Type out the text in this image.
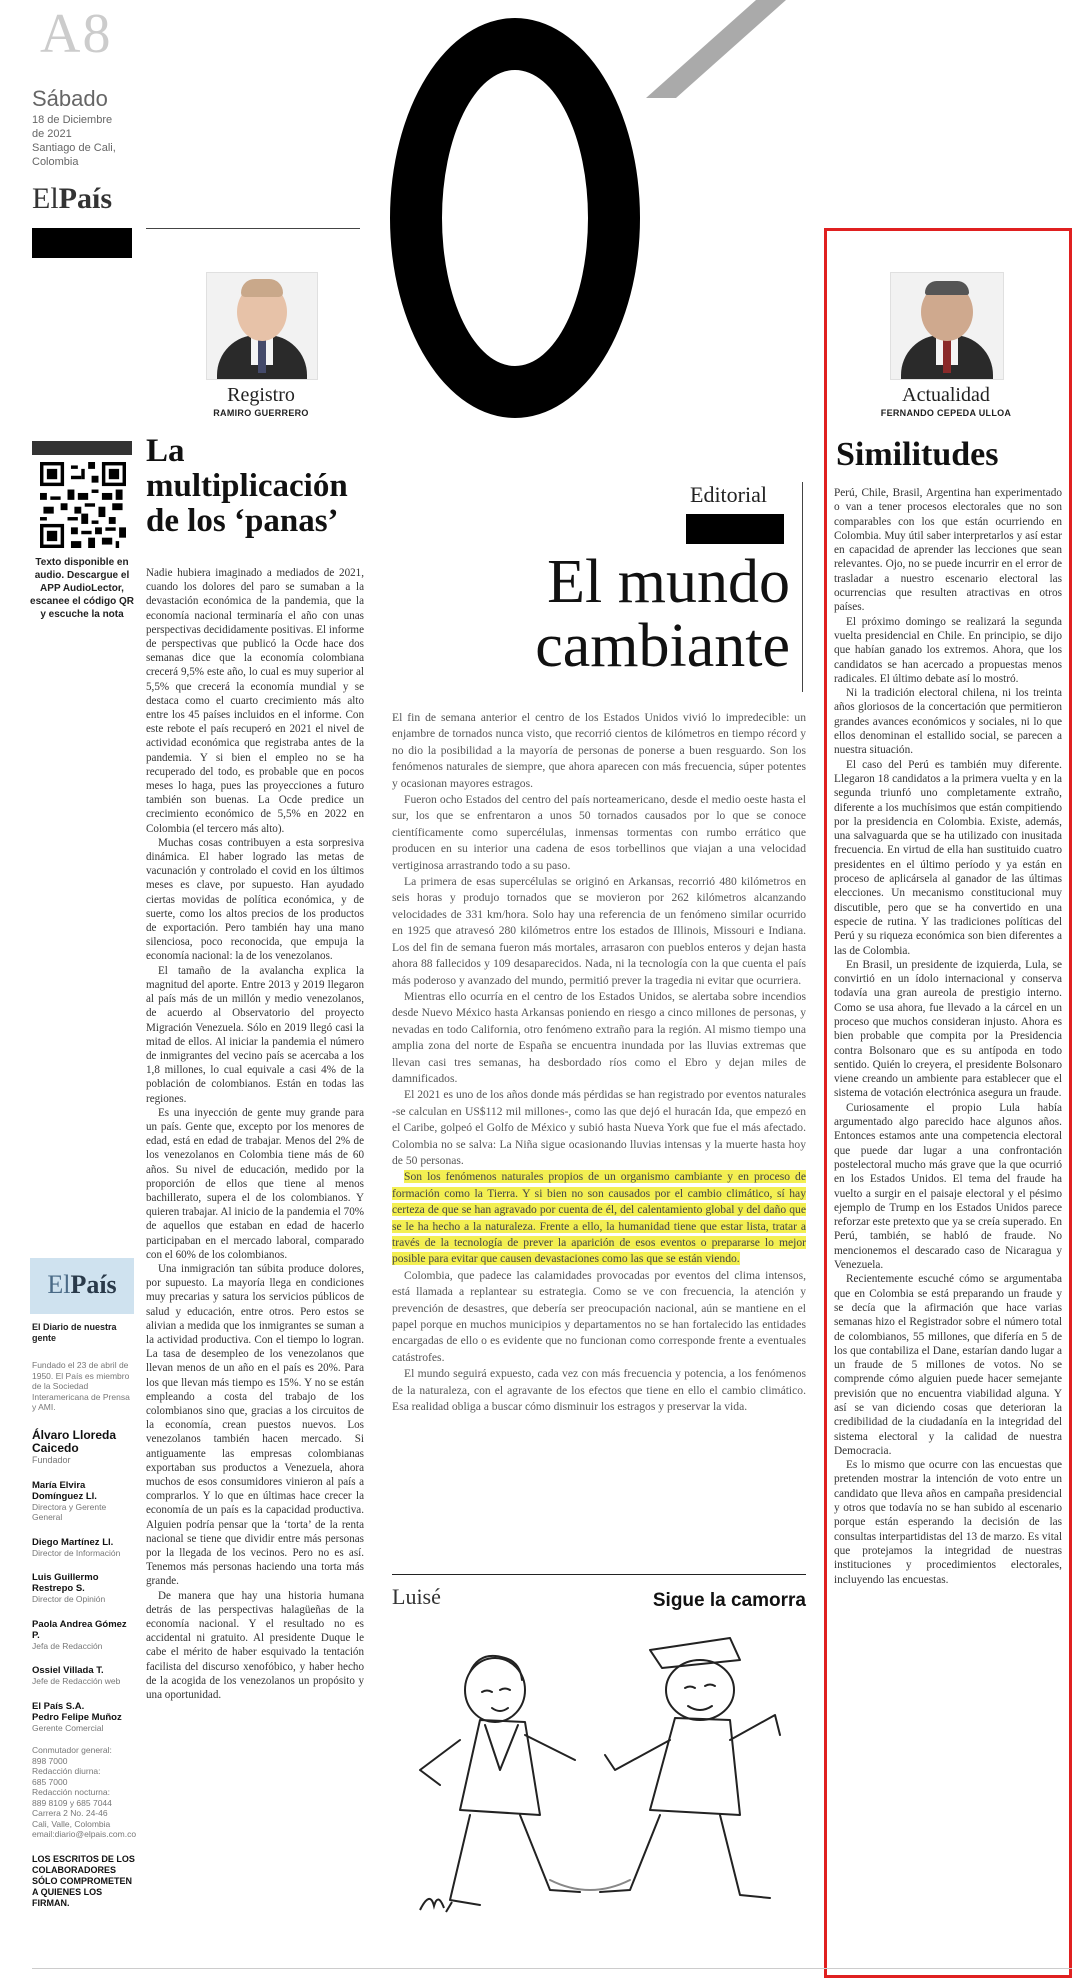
A8
Sábado
18 de Diciembre
de 2021
Santiago de Cali,
Colombia
ElPaís
Registro
RAMIRO GUERRERO
Actualidad
FERNANDO CEPEDA ULLOA
Texto disponible en audio. Descargue el APP AudioLector, escanee el código QR y escuche la nota
La multiplicación de los ‘panas’

Nadie hubiera imaginado a mediados de 2021, cuando los dolores del paro se sumaban a la devastación económica de la pandemia, que la economía nacional terminaría el año con unas perspectivas decididamente positivas. El informe de perspectivas que publicó la Ocde hace dos semanas dice que la economía colombiana crecerá 9,5% este año, lo cual es muy superior al 5,5% que crecerá la economía mundial y se destaca como el cuarto crecimiento más alto entre los 45 países incluidos en el informe. Con este rebote el país recuperó en 2021 el nivel de actividad económica que registraba antes de la pandemia. Y si bien el empleo no se ha recuperado del todo, es probable que en pocos meses lo haga, pues las proyecciones a futuro también son buenas. La Ocde predice un crecimiento económico de 5,5% en 2022 en Colombia (el tercero más alto).

Muchas cosas contribuyen a esta sorpresiva dinámica. El haber logrado las metas de vacunación y controlado el covid en los últimos meses es clave, por supuesto. Han ayudado ciertas movidas de política económica, y de suerte, como los altos precios de los productos de exportación. Pero también hay una mano silenciosa, poco reconocida, que empuja la economía nacional: la de los venezolanos.

El tamaño de la avalancha explica la magnitud del aporte. Entre 2013 y 2019 llegaron al país más de un millón y medio venezolanos, de acuerdo al Observatorio del proyecto Migración Venezuela. Sólo en 2019 llegó casi la mitad de ellos. Al iniciar la pandemia el número de inmigrantes del vecino país se acercaba a los 1,8 millones, lo cual equivale a casi 4% de la población de colombianos. Están en todas las regiones.

Es una inyección de gente muy grande para un país. Gente que, excepto por los menores de edad, está en edad de trabajar. Menos del 2% de los venezolanos en Colombia tiene más de 60 años. Su nivel de educación, medido por la proporción de ellos que tiene al menos bachillerato, supera el de los colombianos. Y quieren trabajar. Al inicio de la pandemia el 70% de aquellos que estaban en edad de hacerlo participaban en el mercado laboral, comparado con el 60% de los colombianos.

Una inmigración tan súbita produce dolores, por supuesto. La mayoría llega en condiciones muy precarias y satura los servicios públicos de salud y educación, entre otros. Pero estos se alivian a medida que los inmigrantes se suman a la actividad productiva. Con el tiempo lo logran. La tasa de desempleo de los venezolanos que llevan menos de un año en el país es 20%. Para los que llevan más tiempo es 15%. Y no se están empleando a costa del trabajo de los colombianos sino que, gracias a los circuitos de la economía, crean puestos nuevos. Los venezolanos también hacen mercado. Si antiguamente las empresas colombianas exportaban sus productos a Venezuela, ahora muchos de esos consumidores vinieron al país a comprarlos. Y lo que en últimas hace crecer la economía de un país es la capacidad productiva. Alguien podría pensar que la ‘torta’ de la renta nacional se tiene que dividir entre más personas por la llegada de los vecinos. Pero no es así. Tenemos más personas haciendo una torta más grande.

De manera que hay una historia humana detrás de las perspectivas halagüeñas de la economía nacional. Y el resultado no es accidental ni gratuito. Al presidente Duque le cabe el mérito de haber esquivado la tentación facilista del discurso xenofóbico, y haber hecho de la acogida de los venezolanos un propósito y una oportunidad.

ElPaís
El Diario de nuestra gente
Fundado el 23 de abril de 1950. El País es miembro de la Sociedad Interamericana de Prensa y AMI.
Álvaro Lloreda Caicedo
Fundador
María Elvira Domínguez Ll.
Directora y Gerente General
Diego Martínez Ll.
Director de Información
Luis Guillermo Restrepo S.
Director de Opinión
Paola Andrea Gómez P.
Jefa de Redacción
Ossiel Villada T.
Jefe de Redacción web
El País S.A.
Pedro Felipe Muñoz
Gerente Comercial
Conmutador general:
898 7000
Redacción diurna:
685 7000
Redacción nocturna:
889 8109 y 685 7044
Carrera 2 No. 24-46
Cali, Valle, Colombia
email:diario@elpais.com.co
LOS ESCRITOS DE LOS COLABORADORES SÓLO COMPROMETEN A QUIENES LOS FIRMAN.
Editorial
El mundo cambiante

El fin de semana anterior el centro de los Estados Unidos vivió lo impredecible: un enjambre de tornados nunca visto, que recorrió cientos de kilómetros en tiempo récord y no dio la posibilidad a la mayoría de personas de ponerse a buen resguardo. Son los fenómenos naturales de siempre, que ahora aparecen con más frecuencia, súper potentes y ocasionan mayores estragos.

Fueron ocho Estados del centro del país norteamericano, desde el medio oeste hasta el sur, los que se enfrentaron a unos 50 tornados causados por lo que se conoce científicamente como supercélulas, inmensas tormentas con rumbo errático que producen en su interior una cadena de esos torbellinos que viajan a una velocidad vertiginosa arrastrando todo a su paso.

La primera de esas supercélulas se originó en Arkansas, recorrió 480 kilómetros en seis horas y produjo tornados que se movieron por 262 kilómetros alcanzando velocidades de 331 km/hora. Solo hay una referencia de un fenómeno similar ocurrido en 1925 que atravesó 280 kilómetros entre los estados de Illinois, Missouri e Indiana. Los del fin de semana fueron más mortales, arrasaron con pueblos enteros y dejan hasta ahora 88 fallecidos y 109 desaparecidos. Nada, ni la tecnología con la que cuenta el país más poderoso y avanzado del mundo, permitió prever la tragedia ni evitar que ocurriera.

Mientras ello ocurría en el centro de los Estados Unidos, se alertaba sobre incendios desde Nuevo México hasta Arkansas poniendo en riesgo a cinco millones de personas, y nevadas en todo California, otro fenómeno extraño para la región. Al mismo tiempo una amplia zona del norte de España se encuentra inundada por las lluvias extremas que llevan casi tres semanas, ha desbordado ríos como el Ebro y dejan miles de damnificados.

El 2021 es uno de los años donde más pérdidas se han registrado por eventos naturales -se calculan en US$112 mil millones-, como las que dejó el huracán Ida, que empezó en el Caribe, golpeó el Golfo de México y subió hasta Nueva York que fue el más afectado. Colombia no se salva: La Niña sigue ocasionando lluvias intensas y la muerte hasta hoy de 50 personas.

Son los fenómenos naturales propios de un organismo cambiante y en proceso de formación como la Tierra. Y si bien no son causados por el cambio climático, sí hay certeza de que se han agravado por cuenta de él, del calentamiento global y del daño que se le ha hecho a la naturaleza. Frente a ello, la humanidad tiene que estar lista, tratar a través de la tecnología de prever la aparición de esos eventos o prepararse lo mejor posible para evitar que causen devastaciones como las que se están viendo.

Colombia, que padece las calamidades provocadas por eventos del clima intensos, está llamada a replantear su estrategia. Como se ve con frecuencia, la atención y prevención de desastres, que debería ser preocupación nacional, aún se mantiene en el papel porque en muchos municipios y departamentos no se han fortalecido las entidades encargadas de ello o es evidente que no funcionan como corresponde frente a eventuales catástrofes.

El mundo seguirá expuesto, cada vez con más frecuencia y potencia, a los fenómenos de la naturaleza, con el agravante de los efectos que tiene en ello el cambio climático. Esa realidad obliga a buscar cómo disminuir los estragos y preservar la vida.

Luisé	Sigue la camorra
Similitudes

Perú, Chile, Brasil, Argentina han experimentado o van a tener procesos electorales que no son comparables con los que están ocurriendo en Colombia. Muy útil saber interpretarlos y así estar en capacidad de aprender las lecciones que sean relevantes. Ojo, no se puede incurrir en el error de trasladar a nuestro escenario electoral las ocurrencias que resulten atractivas en otros países.

El próximo domingo se realizará la segunda vuelta presidencial en Chile. En principio, se dijo que habían ganado los extremos. Ahora, que los candidatos se han acercado a propuestas menos radicales. El último debate así lo mostró.

Ni la tradición electoral chilena, ni los treinta años gloriosos de la concertación que permitieron grandes avances económicos y sociales, ni lo que ellos denominan el estallido social, se parecen a nuestra situación.

El caso del Perú es también muy diferente. Llegaron 18 candidatos a la primera vuelta y en la segunda triunfó uno completamente extraño, diferente a los muchísimos que están compitiendo por la presidencia en Colombia. Existe, además, una salvaguarda que se ha utilizado con inusitada frecuencia. En virtud de ella han sustituido cuatro presidentes en el último período y ya están en proceso de aplicársela al ganador de las últimas elecciones. Un mecanismo constitucional muy discutible, pero que se ha convertido en una especie de rutina. Y las tradiciones políticas del Perú y su riqueza económica son bien diferentes a las de Colombia.

En Brasil, un presidente de izquierda, Lula, se convirtió en un ídolo internacional y conserva todavía una gran aureola de prestigio interno. Como se usa ahora, fue llevado a la cárcel en un proceso que muchos consideran injusto. Ahora es bien probable que compita por la Presidencia contra Bolsonaro que es su antípoda en todo sentido. Quién lo creyera, el presidente Bolsonaro viene creando un ambiente para establecer que el sistema de votación electrónica asegura un fraude.

Curiosamente el propio Lula había argumentado algo parecido hace algunos años. Entonces estamos ante una competencia electoral que puede dar lugar a una confrontación postelectoral mucho más grave que la que ocurrió en los Estados Unidos. El tema del fraude ha vuelto a surgir en el paisaje electoral y el pésimo ejemplo de Trump en los Estados Unidos parece reforzar este pretexto que ya se creía superado. En Perú, también, se habló de fraude. No mencionemos el descarado caso de Nicaragua y Venezuela.

Recientemente escuché cómo se argumentaba que en Colombia se está preparando un fraude y se decía que la afirmación que hace varias semanas hizo el Registrador sobre el número total de colombianos, 55 millones, que difería en 5 de los que contabiliza el Dane, estarían dando lugar a un fraude de 5 millones de votos. No se comprende cómo alguien puede hacer semejante previsión que no encuentra viabilidad alguna. Y así se van diciendo cosas que deterioran la credibilidad de la ciudadanía en la integridad del sistema electoral y la calidad de nuestra Democracia.

Es lo mismo que ocurre con las encuestas que pretenden mostrar la intención de voto entre un candidato que lleva años en campaña presidencial y otros que todavía no se han subido al escenario porque están esperando la decisión de las consultas interpartidistas del 13 de marzo. Es vital que protejamos la integridad de nuestras instituciones y procedimientos electorales, incluyendo las encuestas.
